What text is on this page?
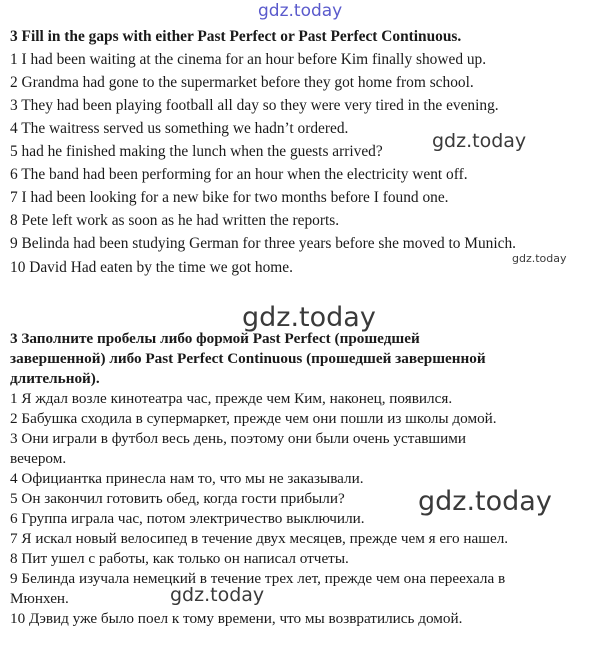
gdz.today
gdz.today
gdz.today
gdz.today
gdz.today
gdz.today
3 Fill in the gaps with either Past Perfect or Past Perfect Continuous.
1 I had been waiting at the cinema for an hour before Kim finally showed up.
2 Grandma had gone to the supermarket before they got home from school.
3 They had been playing football all day so they were very tired in the evening.
4 The waitress served us something we hadn’t ordered.
5 had he finished making the lunch when the guests arrived?
6 The band had been performing for an hour when the electricity went off.
7 I had been looking for a new bike for two months before I found one.
8 Pete left work as soon as he had written the reports.
9 Belinda had been studying German for three years before she moved to Munich.
10 David Had eaten by the time we got home.
3 Заполните пробелы либо формой Past Perfect (прошедшей
завершенной) либо Past Perfect Continuous (прошедшей завершенной
длительной).
1 Я ждал возле кинотеатра час, прежде чем Ким, наконец, появился.
2 Бабушка сходила в супермаркет, прежде чем они пошли из школы домой.
3 Они играли в футбол весь день, поэтому они были очень уставшими
вечером.
4 Официантка принесла нам то, что мы не заказывали.
5 Он закончил готовить обед, когда гости прибыли?
6 Группа играла час, потом электричество выключили.
7 Я искал новый велосипед в течение двух месяцев, прежде чем я его нашел.
8 Пит ушел с работы, как только он написал отчеты.
9 Белинда изучала немецкий в течение трех лет, прежде чем она переехала в
Мюнхен.
10 Дэвид уже было поел к тому времени, что мы возвратились домой.
